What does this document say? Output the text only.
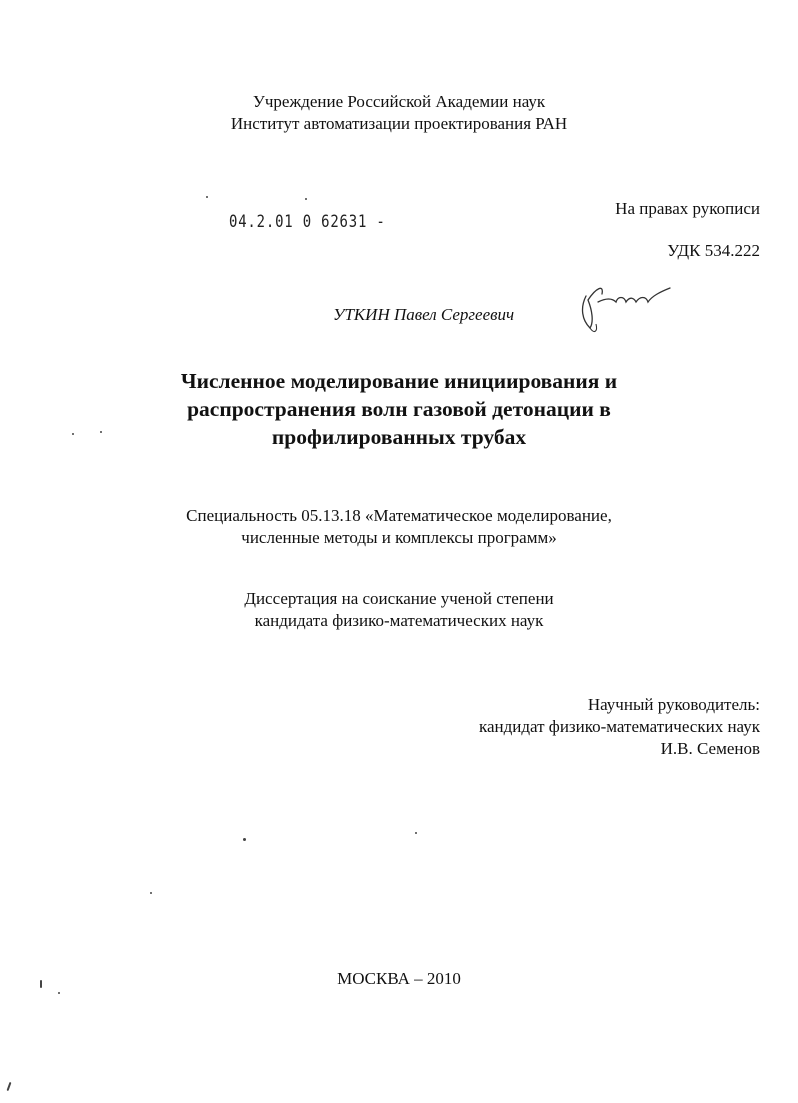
Учреждение Российской Академии наук
Институт автоматизации проектирования РАН
04.2.01 0 62631 -
На правах рукописи
УДК 534.222
УТКИН Павел Сергеевич
Численное моделирование инициирования и
распространения волн газовой детонации в
профилированных трубах
Специальность 05.13.18 «Математическое моделирование,
численные методы и комплексы программ»
Диссертация на соискание ученой степени
кандидата физико-математических наук
Научный руководитель:
кандидат физико-математических наук
И.В. Семенов
МОСКВА – 2010
